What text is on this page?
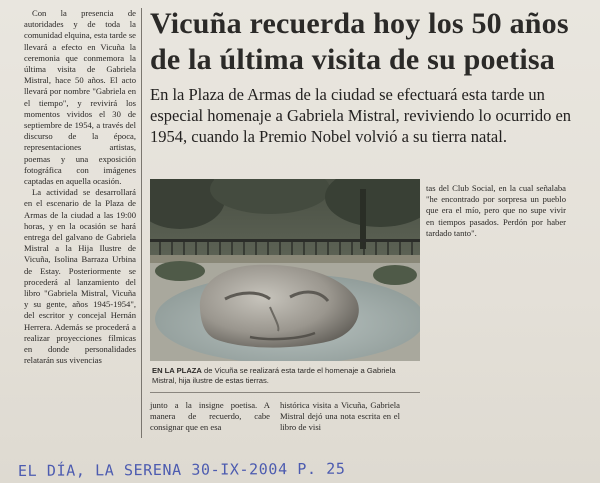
Con la presencia de autoridades y de toda la comunidad elquina, esta tarde se llevará a efecto en Vicuña la ceremonia que conmemora la última visita de Gabriela Mistral, hace 50 años. El acto llevará por nombre "Gabriela en el tiempo", y revivirá los momentos vividos el 30 de septiembre de 1954, a través del discurso de la época, representaciones artistas, poemas y una exposición fotográfica con imágenes captadas en aquella ocasión.

La actividad se desarrollará en el escenario de la Plaza de Armas de la ciudad a las 19:00 horas, y en la ocasión se hará entrega del galvano de Gabriela Mistral a la Hija Ilustre de Vicuña, Isolina Barraza Urbina de Estay. Posteriormente se procederá al lanzamiento del libro "Gabriela Mistral, Vicuña y su gente, años 1945-1954", del escritor y concejal Hernán Herrera. Además se procederá a realizar proyecciones fílmicas en donde personalidades relatarán sus vivencias

Vicuña recuerda hoy los 50 años de la última visita de su poetisa

En la Plaza de Armas de la ciudad se efectuará esta tarde un especial homenaje a Gabriela Mistral, reviviendo lo ocurrido en 1954, cuando la Premio Nobel volvió a su tierra natal.

EN LA PLAZA de Vicuña se realizará esta tarde el homenaje a Gabriela Mistral, hija ilustre de estas tierras.

tas del Club Social, en la cual señalaba "he encontrado por sorpresa un pueblo que era el mío, pero que no supe vivir en tiempos pasados. Perdón por haber tardado tanto".

junto a la insigne poetisa. A manera de recuerdo, cabe consignar que en esa

histórica visita a Vicuña, Gabriela Mistral dejó una nota escrita en el libro de visi

EL DÍA, LA SERENA 30-IX-2004 P. 25
